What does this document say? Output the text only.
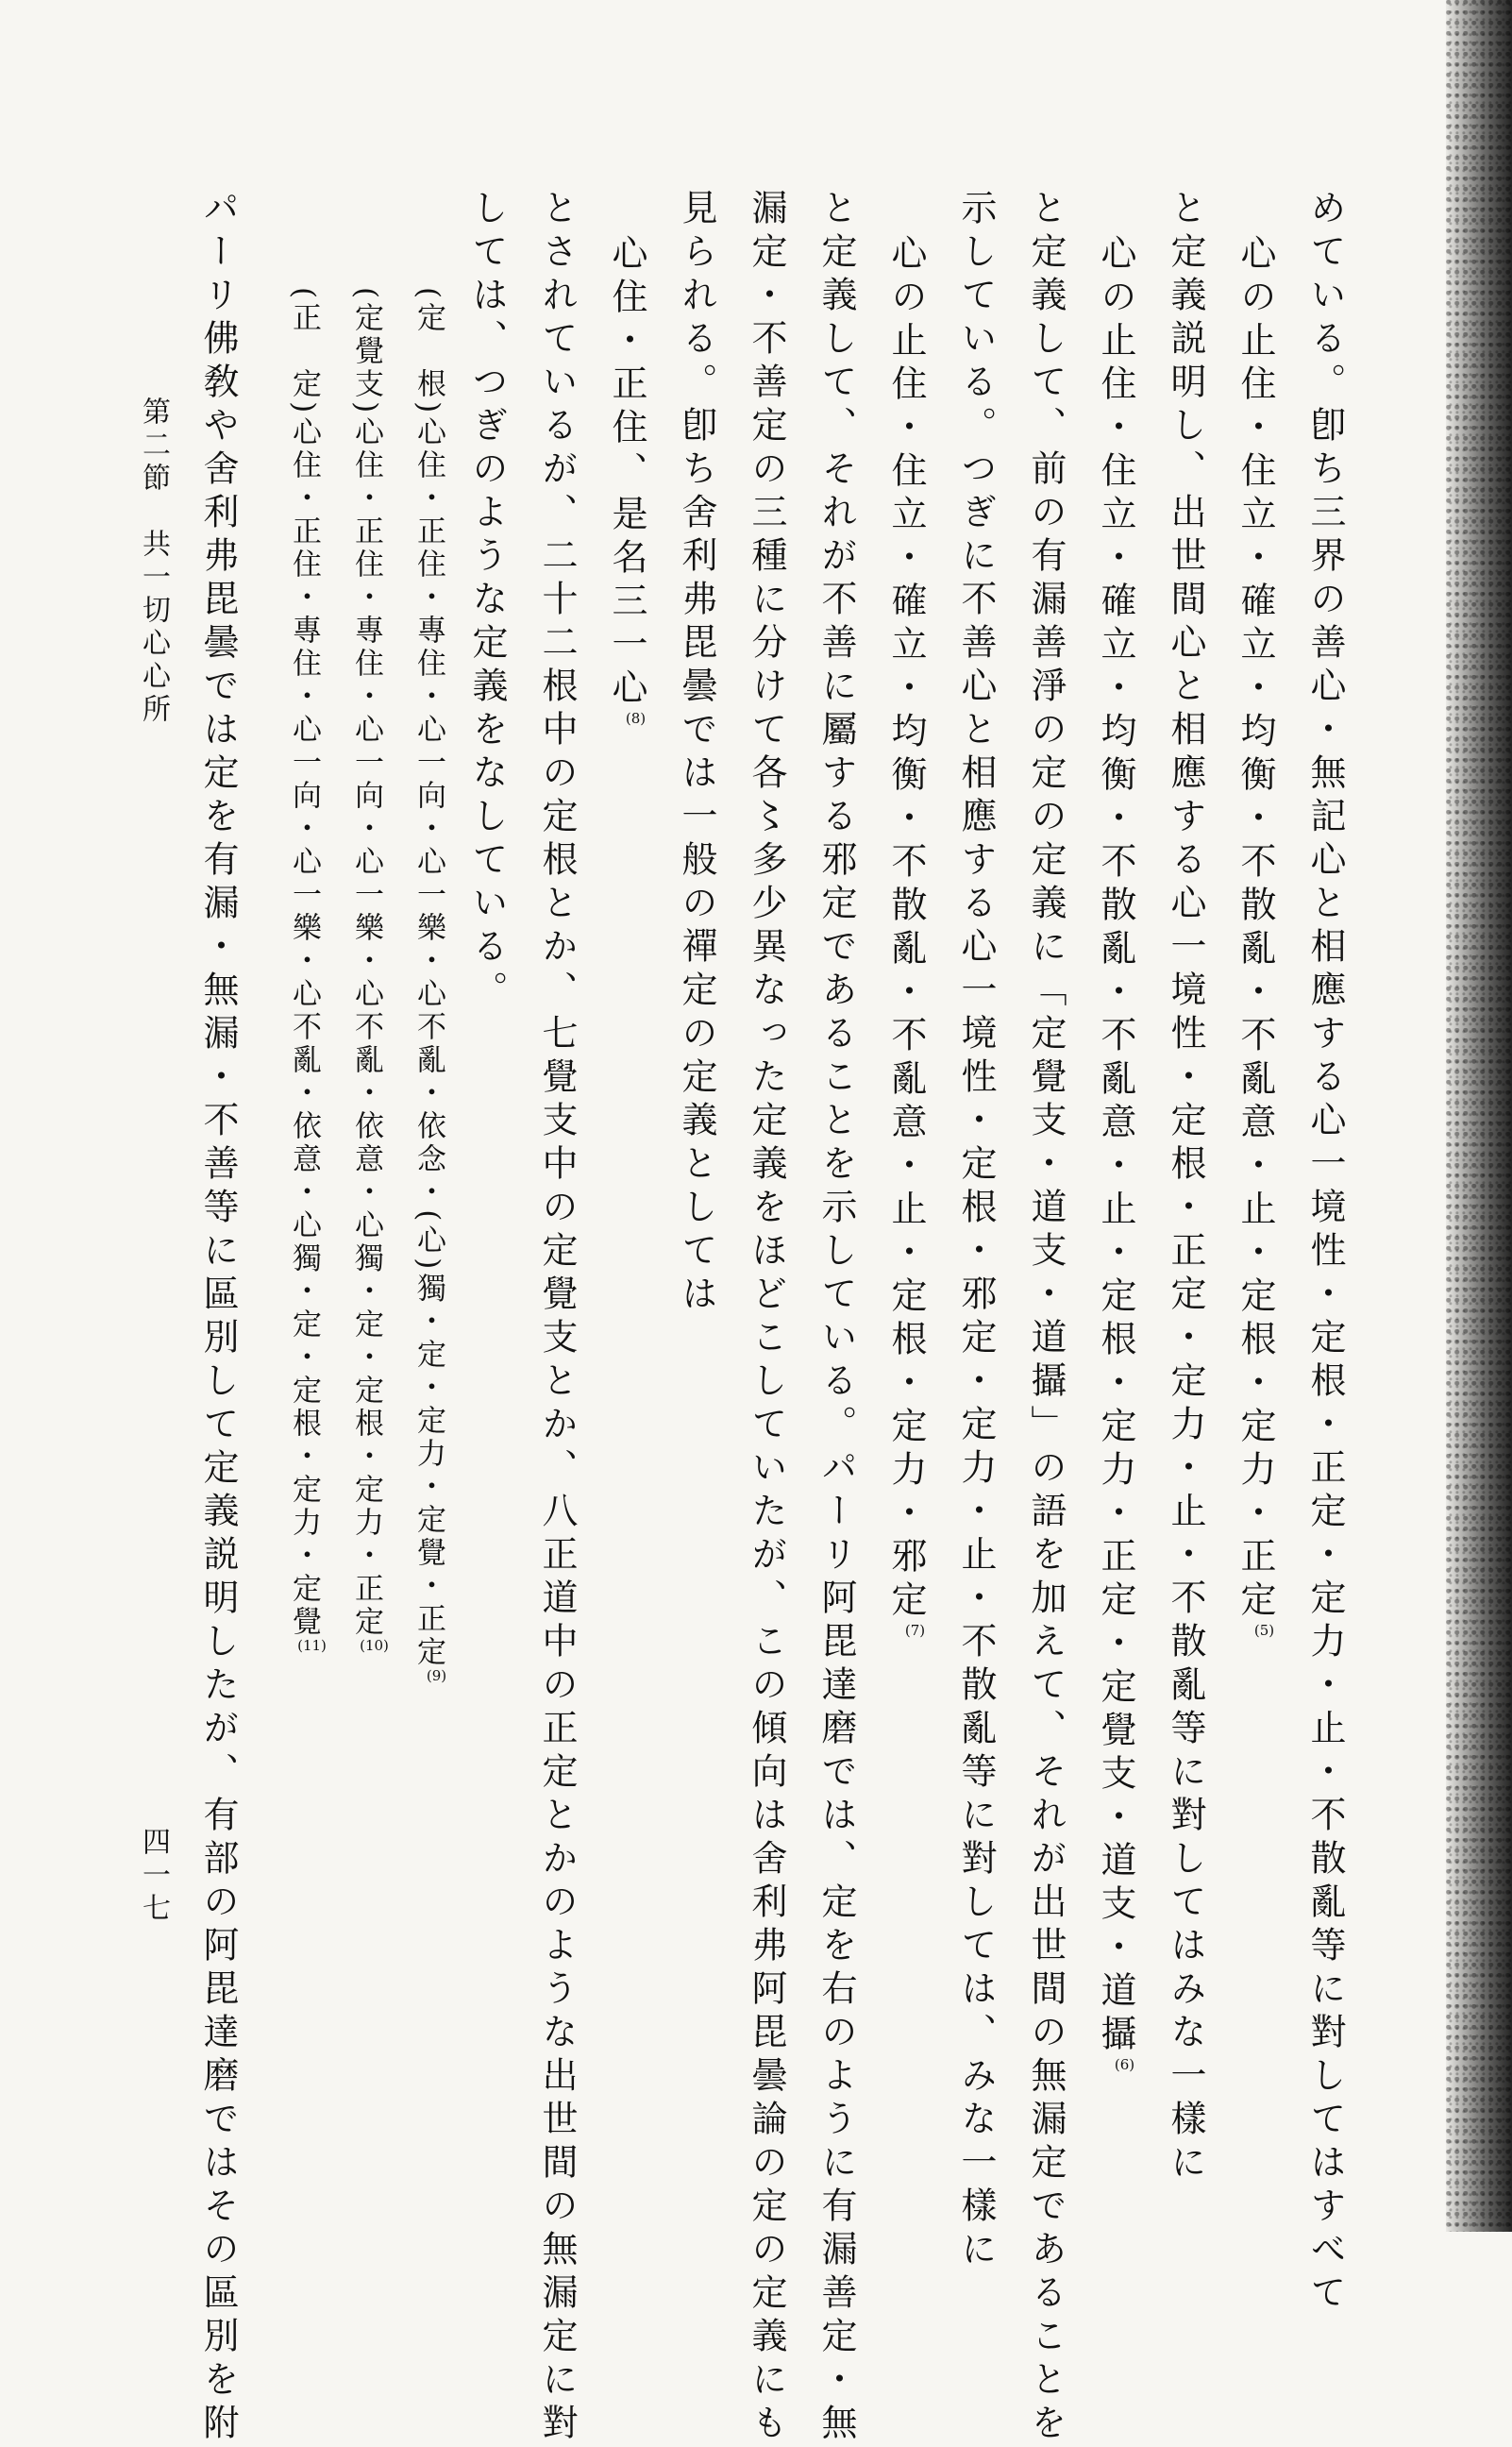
めている。卽ち三界の善心・無記心と相應する心一境性・定根・正定・定力・止・不散亂等に對してはすべて
心の止住・住立・確立・均衡・不散亂・不亂意・止・定根・定力・正定(5)
と定義説明し、出世間心と相應する心一境性・定根・正定・定力・止・不散亂等に對してはみな一樣に
心の止住・住立・確立・均衡・不散亂・不亂意・止・定根・定力・正定・定覺支・道支・道攝(6)
と定義して、前の有漏善淨の定の定義に「定覺支・道支・道攝」の語を加えて、それが出世間の無漏定であることを
示している。つぎに不善心と相應する心一境性・定根・邪定・定力・止・不散亂等に對しては、みな一樣に
心の止住・住立・確立・均衡・不散亂・不亂意・止・定根・定力・邪定(7)
と定義して、それが不善に屬する邪定であることを示している。パーリ阿毘達磨では、定を右のように有漏善定・無
漏定・不善定の三種に分けて各〻多少異なった定義をほどこしていたが、この傾向は舍利弗阿毘曇論の定の定義にも
見られる。卽ち舍利弗毘曇では一般の禪定の定義としては
心住・正住、是名三一心(8)
とされているが、二十二根中の定根とか、七覺支中の定覺支とか、八正道中の正定とかのような出世間の無漏定に對
しては、つぎのような定義をなしている。
(定　根)心住・正住・專住・心一向・心一樂・心不亂・依念・(心)獨・定・定力・定覺・正定(9)
(定覺支)心住・正住・專住・心一向・心一樂・心不亂・依意・心獨・定・定根・定力・正定(10)
(正　定)心住・正住・專住・心一向・心一樂・心不亂・依意・心獨・定・定根・定力・定覺(11)
パーリ佛敎や舍利弗毘曇では定を有漏・無漏・不善等に區別して定義説明したが、有部の阿毘達磨ではその區別を附
第二節　共一切心心所
四一七
